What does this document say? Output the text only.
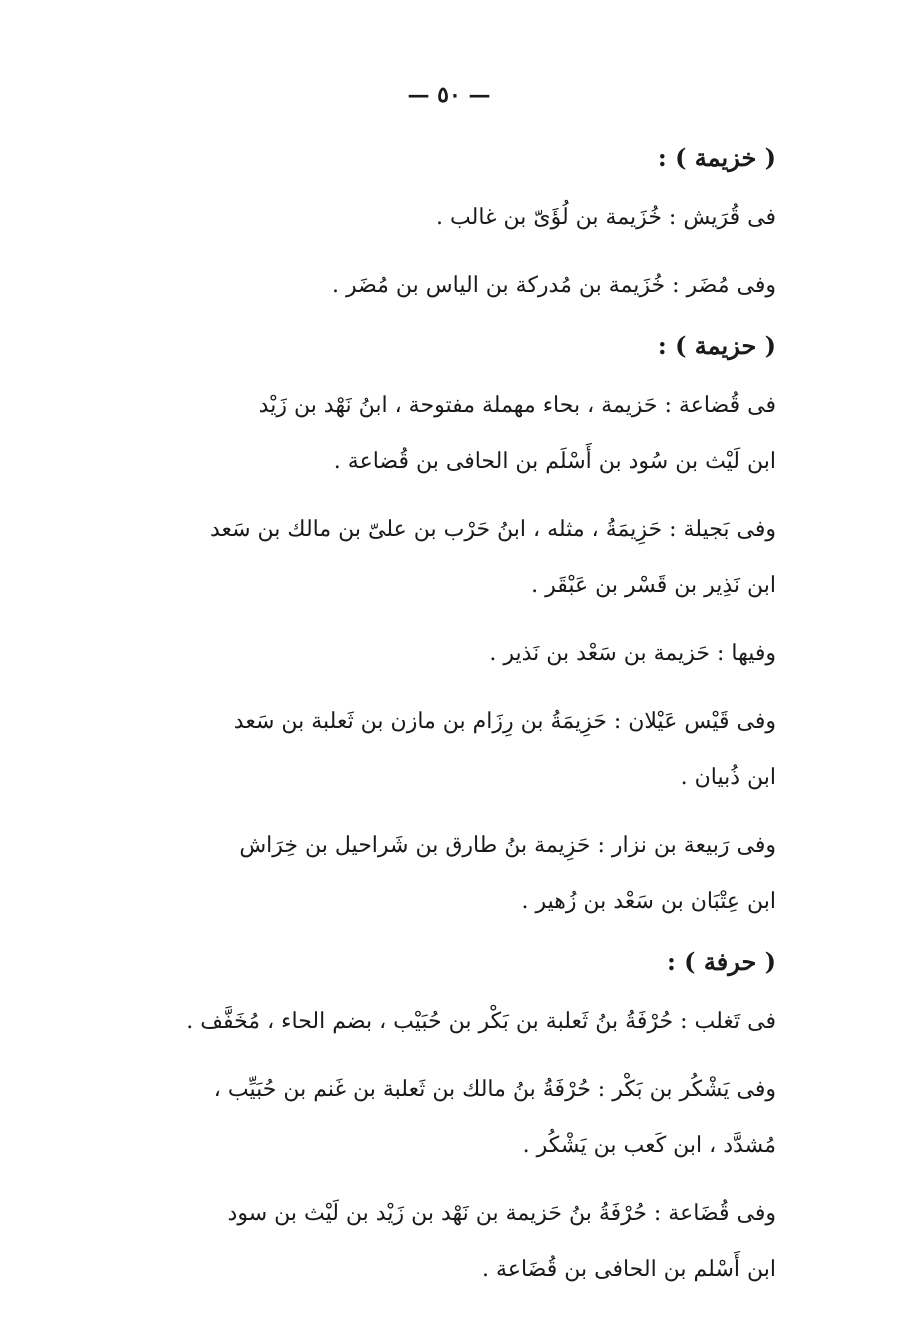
— ٥٠ —
( خزيمة ) :
فى قُرَيش : خُزَيمة بن لُؤَىّ بن غالب .
وفى مُضَر : خُزَيمة بن مُدركة بن الياس بن مُضَر .
( حزيمة ) :
فى قُضاعة : حَزيمة ، بحاء مهملة مفتوحة ، ابنُ نَهْد بن زَيْد
ابن لَيْث بن سُود بن أَسْلَم بن الحافى بن قُضاعة .
وفى بَجيلة : حَزِيمَةُ ، مثله ، ابنُ حَرْب بن علىّ بن مالك بن سَعد
ابن نَذِير بن قَسْر بن عَبْقَر .
وفيها : حَزيمة بن سَعْد بن نَذير .
وفى قَيْس عَيْلان : حَزِيمَةُ بن رِزَام بن مازن بن ثَعلبة بن سَعد
ابن ذُبيان .
وفى رَبيعة بن نزار : حَزِيمة بنُ طارق بن شَراحيل بن خِرَاش
ابن عِتْبَان بن سَعْد بن زُهير .
( حرفة ) :
فى تَغلب : حُرْفَةُ بنُ ثَعلبة بن بَكْر بن حُبَيْب ، بضم الحاء ، مُخَفَّف .
وفى يَشْكُر بن بَكْر : حُرْفَةُ بنُ مالك بن ثَعلبة بن غَنم بن حُبَيِّب ،
مُشدَّد ، ابن كَعب بن يَشْكُر .
وفى قُضَاعة : حُرْفَةُ بنُ حَزيمة بن نَهْد بن زَيْد بن لَيْث بن سود
ابن أَسْلم بن الحافى بن قُضَاعة .
